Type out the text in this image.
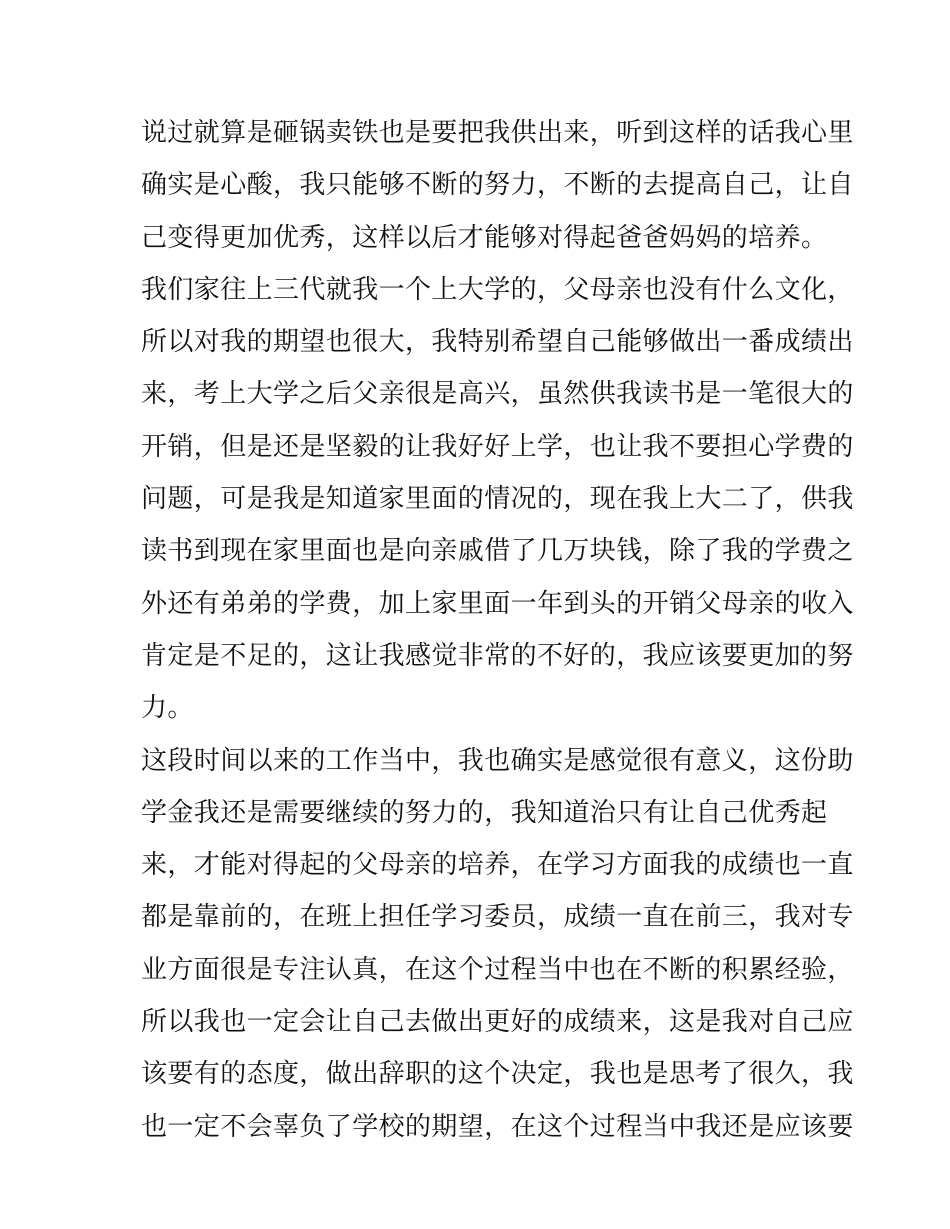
说过就算是砸锅卖铁也是要把我供出来，听到这样的话我心里
确实是心酸，我只能够不断的努力，不断的去提高自己，让自
己变得更加优秀，这样以后才能够对得起爸爸妈妈的培养。
我们家往上三代就我一个上大学的，父母亲也没有什么文化，
所以对我的期望也很大，我特别希望自己能够做出一番成绩出
来，考上大学之后父亲很是高兴，虽然供我读书是一笔很大的
开销，但是还是坚毅的让我好好上学，也让我不要担心学费的
问题，可是我是知道家里面的情况的，现在我上大二了，供我
读书到现在家里面也是向亲戚借了几万块钱，除了我的学费之
外还有弟弟的学费，加上家里面一年到头的开销父母亲的收入
肯定是不足的，这让我感觉非常的不好的，我应该要更加的努
力。
这段时间以来的工作当中，我也确实是感觉很有意义，这份助
学金我还是需要继续的努力的，我知道治只有让自己优秀起
来，才能对得起的父母亲的培养，在学习方面我的成绩也一直
都是靠前的，在班上担任学习委员，成绩一直在前三，我对专
业方面很是专注认真，在这个过程当中也在不断的积累经验，
所以我也一定会让自己去做出更好的成绩来，这是我对自己应
该要有的态度，做出辞职的这个决定，我也是思考了很久，我
也一定不会辜负了学校的期望，在这个过程当中我还是应该要
